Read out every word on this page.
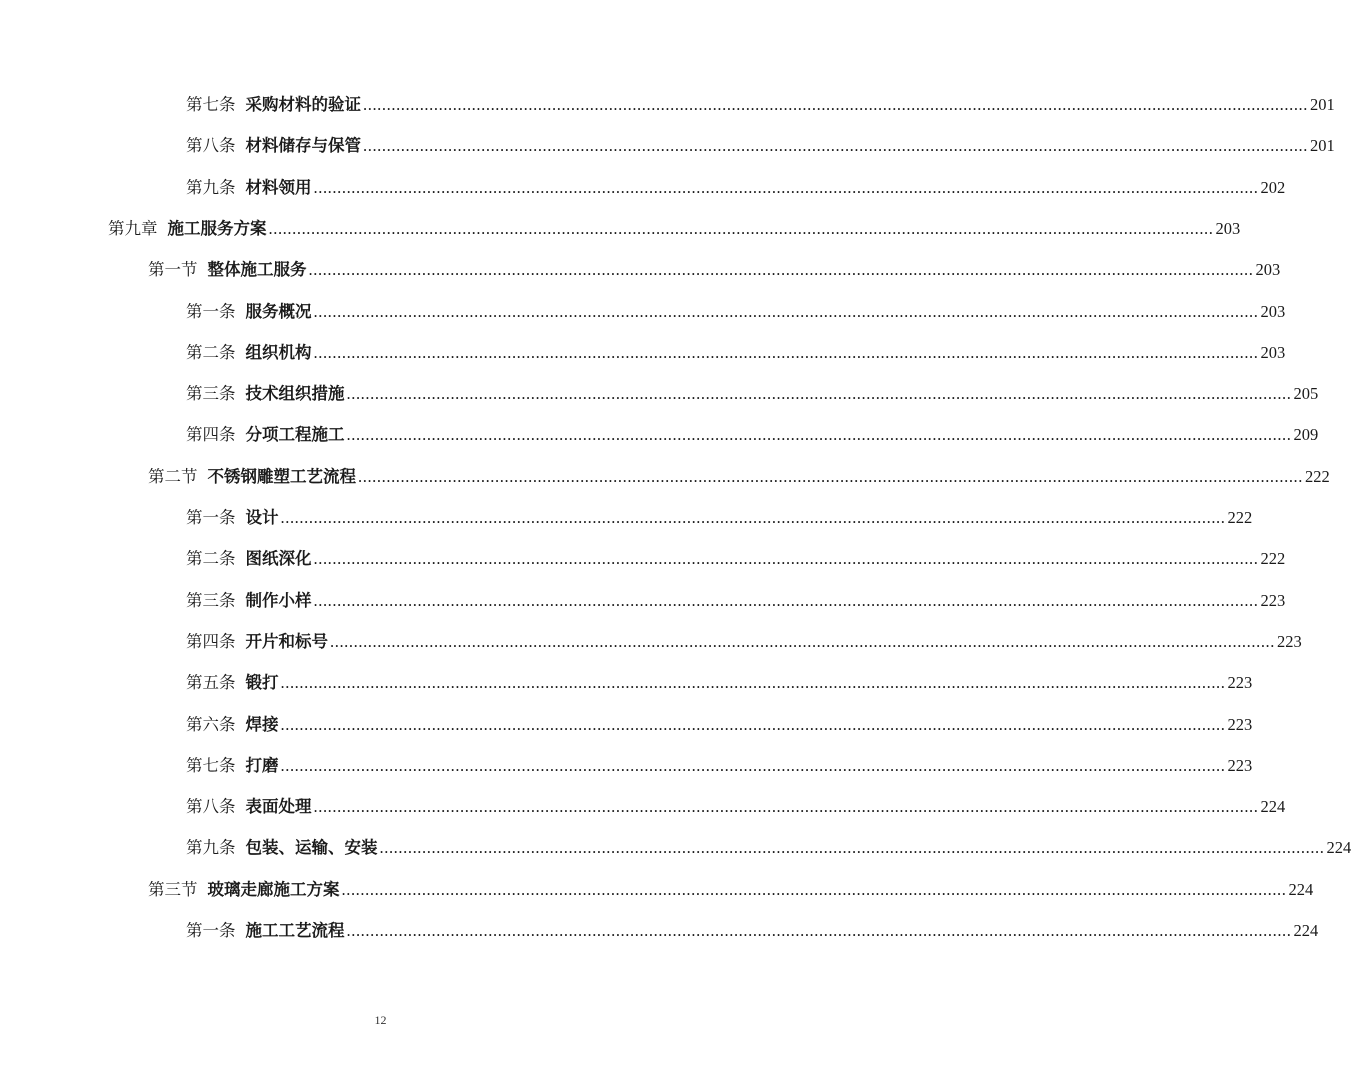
第七条 采购材料的验证 ........................................................................................................................................................................................................ 201
第八条 材料储存与保管 ........................................................................................................................................................................................................ 201
第九条 材料领用 ........................................................................................................................................................................................................ 202
第九章 施工服务方案 ........................................................................................................................................................................................................ 203
第一节 整体施工服务 ........................................................................................................................................................................................................ 203
第一条 服务概况 ........................................................................................................................................................................................................ 203
第二条 组织机构 ........................................................................................................................................................................................................ 203
第三条 技术组织措施 ........................................................................................................................................................................................................ 205
第四条 分项工程施工 ........................................................................................................................................................................................................ 209
第二节 不锈钢雕塑工艺流程 ........................................................................................................................................................................................................ 222
第一条 设计 ........................................................................................................................................................................................................ 222
第二条 图纸深化 ........................................................................................................................................................................................................ 222
第三条 制作小样 ........................................................................................................................................................................................................ 223
第四条 开片和标号 ........................................................................................................................................................................................................ 223
第五条 锻打 ........................................................................................................................................................................................................ 223
第六条 焊接 ........................................................................................................................................................................................................ 223
第七条 打磨 ........................................................................................................................................................................................................ 223
第八条 表面处理 ........................................................................................................................................................................................................ 224
第九条 包装、运输、安装 ........................................................................................................................................................................................................ 224
第三节 玻璃走廊施工方案 ........................................................................................................................................................................................................ 224
第一条 施工工艺流程 ........................................................................................................................................................................................................ 224
12
